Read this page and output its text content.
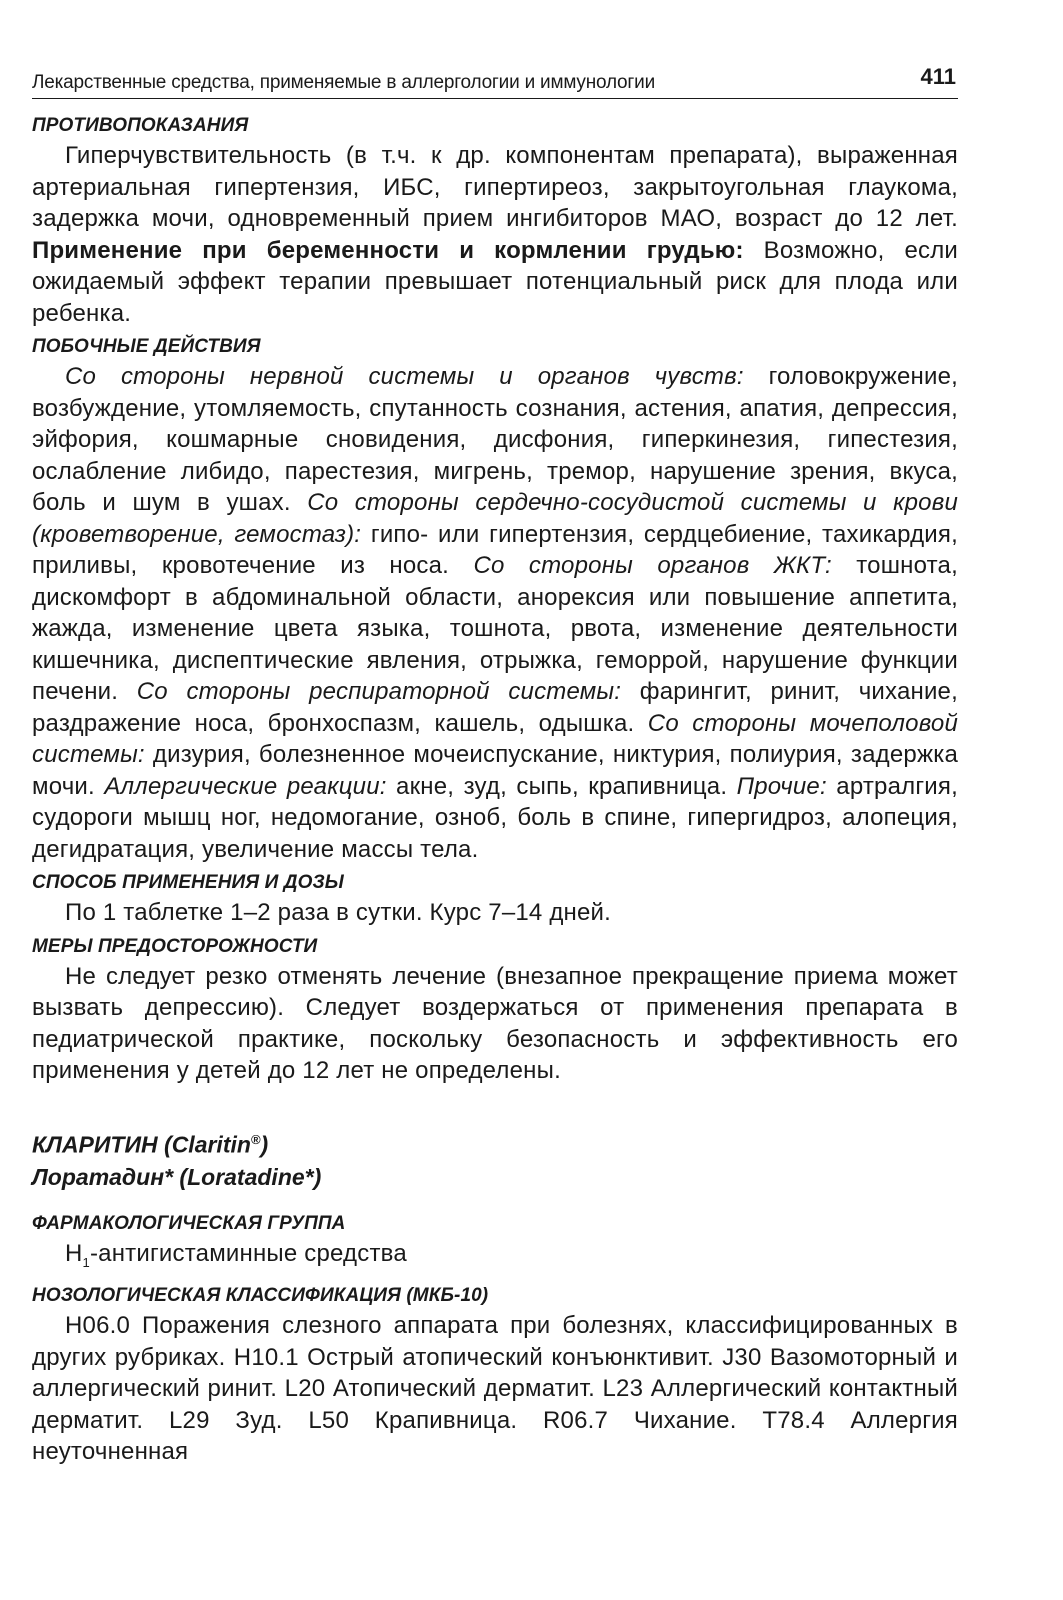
Лекарственные средства, применяемые в аллергологии и иммунологии	411
ПРОТИВОПОКАЗАНИЯ

Гиперчувствительность (в т.ч. к др. компонентам препарата), выраженная артериальная гипертензия, ИБС, гипертиреоз, закрытоугольная глаукома, задержка мочи, одновременный прием ингибиторов МАО, возраст до 12 лет. Применение при беременности и кормлении грудью: Возможно, если ожидаемый эффект терапии превышает потенциальный риск для плода или ребенка.

ПОБОЧНЫЕ ДЕЙСТВИЯ

Со стороны нервной системы и органов чувств: головокружение, возбуждение, утомляемость, спутанность сознания, астения, апатия, депрессия, эйфория, кошмарные сновидения, дисфония, гиперкинезия, гипестезия, ослабление либидо, парестезия, мигрень, тремор, нарушение зрения, вкуса, боль и шум в ушах. Со стороны сердечно-сосудистой системы и крови (кроветворение, гемостаз): гипо- или гипертензия, сердцебиение, тахикардия, приливы, кровотечение из носа. Со стороны органов ЖКТ: тошнота, дискомфорт в абдоминальной области, анорексия или повышение аппетита, жажда, изменение цвета языка, тошнота, рвота, изменение деятельности кишечника, диспептические явления, отрыжка, геморрой, нарушение функции печени. Со стороны респираторной системы: фарингит, ринит, чихание, раздражение носа, бронхоспазм, кашель, одышка. Со стороны мочеполовой системы: дизурия, болезненное мочеиспускание, никтурия, полиурия, задержка мочи. Аллергические реакции: акне, зуд, сыпь, крапивница. Прочие: артралгия, судороги мышц ног, недомогание, озноб, боль в спине, гипергидроз, алопеция, дегидратация, увеличение массы тела.

СПОСОБ ПРИМЕНЕНИЯ И ДОЗЫ

По 1 таблетке 1–2 раза в сутки. Курс 7–14 дней.

МЕРЫ ПРЕДОСТОРОЖНОСТИ

Не следует резко отменять лечение (внезапное прекращение приема может вызвать депрессию). Следует воздержаться от применения препарата в педиатрической практике, поскольку безопасность и эффективность его применения у детей до 12 лет не определены.

КЛАРИТИН (Claritin®)
Лоратадин* (Loratadine*)
ФАРМАКОЛОГИЧЕСКАЯ ГРУППА

$Н_1$-антигистаминные средства

НОЗОЛОГИЧЕСКАЯ КЛАССИФИКАЦИЯ (МКБ-10)

H06.0 Поражения слезного аппарата при болезнях, классифицированных в других рубриках. H10.1 Острый атопический конъюнктивит. J30 Вазомоторный и аллергический ринит. L20 Атопический дерматит. L23 Аллергический контактный дерматит. L29 Зуд. L50 Крапивница. R06.7 Чихание. T78.4 Аллергия неуточненная
